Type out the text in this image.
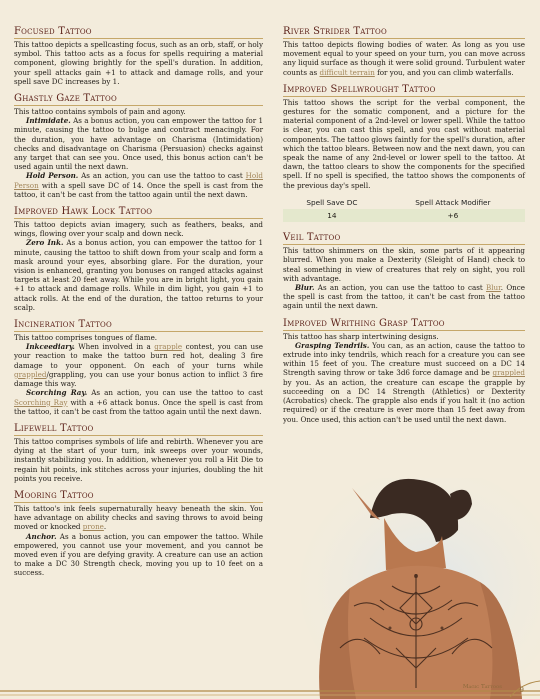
Focused Tattoo

This tattoo depicts a spellcasting focus, such as an orb, staff, or holy symbol. This tattoo acts as a focus for spells requiring a material component, glowing brightly for the spell's duration. In addition, your spell attacks gain +1 to attack and damage rolls, and your spell save DC increases by 1.

Ghastly Gaze Tattoo

This tattoo contains symbols of pain and agony.

Intimidate. As a bonus action, you can empower the tattoo for 1 minute, causing the tattoo to bulge and contract menacingly. For the duration, you have advantage on Charisma (Intimidation) checks and disadvantage on Charisma (Persuasion) checks against any target that can see you. Once used, this bonus action can't be used again until the next dawn.

Hold Person. As an action, you can use the tattoo to cast Hold Person with a spell save DC of 14. Once the spell is cast from the tattoo, it can't be cast from the tattoo again until the next dawn.

Improved Hawk Lock Tattoo

This tattoo depicts avian imagery, such as feathers, beaks, and wings, flowing over your scalp and down neck.

Zero Ink. As a bonus action, you can empower the tattoo for 1 minute, causing the tattoo to shift down from your scalp and form a mask around your eyes, absorbing glare. For the duration, your vision is enhanced, granting you bonuses on ranged attacks against targets at least 20 feet away. While you are in bright light, you gain +1 to attack and damage rolls. While in dim light, you gain +1 to attack rolls. At the end of the duration, the tattoo returns to your scalp.

Incineration Tattoo

This tattoo comprises tongues of flame.

Inkceediary. When involved in a grapple contest, you can use your reaction to make the tattoo burn red hot, dealing 3 fire damage to your opponent. On each of your turns while grappled/grappling, you can use your bonus action to inflict 3 fire damage this way.

Scorching Ray. As an action, you can use the tattoo to cast Scorching Ray with a +6 attack bonus. Once the spell is cast from the tattoo, it can't be cast from the tattoo again until the next dawn.

Lifewell Tattoo

This tattoo comprises symbols of life and rebirth. Whenever you are dying at the start of your turn, ink sweeps over your wounds, instantly stabilizing you. In addition, whenever you roll a Hit Die to regain hit points, ink stitches across your injuries, doubling the hit points you receive.

Mooring Tattoo

This tattoo's ink feels supernaturally heavy beneath the skin. You have advantage on ability checks and saving throws to avoid being moved or knocked prone.

Anchor. As a bonus action, you can empower the tattoo. While empowered, you cannot use your movement, and you cannot be moved even if you are defying gravity. A creature can use an action to make a DC 30 Strength check, moving you up to 10 feet on a success.

River Strider Tattoo

This tattoo depicts flowing bodies of water. As long as you use movement equal to your speed on your turn, you can move across any liquid surface as though it were solid ground. Turbulent water counts as difficult terrain for you, and you can climb waterfalls.

Improved Spellwrought Tattoo

This tattoo shows the script for the verbal component, the gestures for the somatic component, and a picture for the material component of a 2nd-level or lower spell. While the tattoo is clear, you can cast this spell, and you cast without material components. The tattoo glows faintly for the spell's duration, after which the tattoo blears. Between now and the next dawn, you can speak the name of any 2nd-level or lower spell to the tattoo. At dawn, the tattoo clears to show the components for the specified spell. If no spell is specified, the tattoo shows the components of the previous day's spell.

Spell Save DC	Spell Attack Modifier
14	+6
Veil Tattoo

This tattoo shimmers on the skin, some parts of it appearing blurred. When you make a Dexterity (Sleight of Hand) check to steal something in view of creatures that rely on sight, you roll with advantage.

Blur. As an action, you can use the tattoo to cast Blur. Once the spell is cast from the tattoo, it can't be cast from the tattoo again until the next dawn.

Improved Writhing Grasp Tattoo

This tattoo has sharp intertwining designs.

Grasping Tendrils. You can, as an action, cause the tattoo to extrude into inky tendrils, which reach for a creature you can see within 15 feet of you. The creature must succeed on a DC 14 Strength saving throw or take 3d6 force damage and be grappled by you. As an action, the creature can escape the grapple by succeeding on a DC 14 Strength (Athletics) or Dexterity (Acrobatics) check. The grapple also ends if you halt it (no action required) or if the creature is ever more than 15 feet away from you. Once used, this action can't be used until the next dawn.

Magic Tattoos	9
